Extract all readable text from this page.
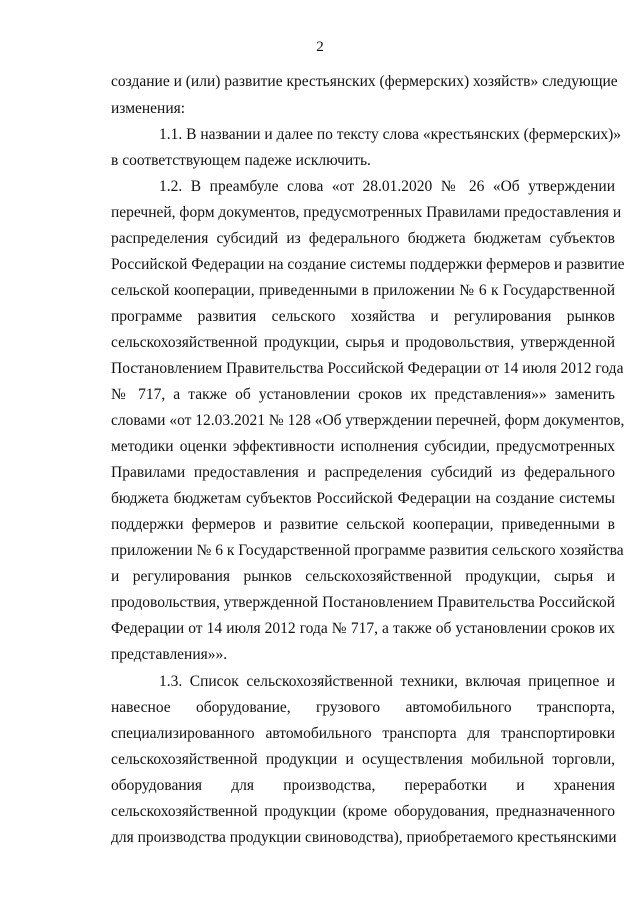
2
создание и (или) развитие крестьянских (фермерских) хозяйств» следующие
изменения:
1.1. В названии и далее по тексту слова «крестьянских (фермерских)»
в соответствующем падеже исключить.
1.2. В преамбуле слова «от 28.01.2020 № 26 «Об утверждении
перечней, форм документов, предусмотренных Правилами предоставления и
распределения субсидий из федерального бюджета бюджетам субъектов
Российской Федерации на создание системы поддержки фермеров и развитие
сельской кооперации, приведенными в приложении № 6 к Государственной
программе развития сельского хозяйства и регулирования рынков
сельскохозяйственной продукции, сырья и продовольствия, утвержденной
Постановлением Правительства Российской Федерации от 14 июля 2012 года
№ 717, а также об установлении сроков их представления»» заменить
словами «от 12.03.2021 № 128 «Об утверждении перечней, форм документов,
методики оценки эффективности исполнения субсидии, предусмотренных
Правилами предоставления и распределения субсидий из федерального
бюджета бюджетам субъектов Российской Федерации на создание системы
поддержки фермеров и развитие сельской кооперации, приведенными в
приложении № 6 к Государственной программе развития сельского хозяйства
и регулирования рынков сельскохозяйственной продукции, сырья и
продовольствия, утвержденной Постановлением Правительства Российской
Федерации от 14 июля 2012 года № 717, а также об установлении сроков их
представления»».
1.3. Список сельскохозяйственной техники, включая прицепное и
навесное оборудование, грузового автомобильного транспорта,
специализированного автомобильного транспорта для транспортировки
сельскохозяйственной продукции и осуществления мобильной торговли,
оборудования для производства, переработки и хранения
сельскохозяйственной продукции (кроме оборудования, предназначенного
для производства продукции свиноводства), приобретаемого крестьянскими
